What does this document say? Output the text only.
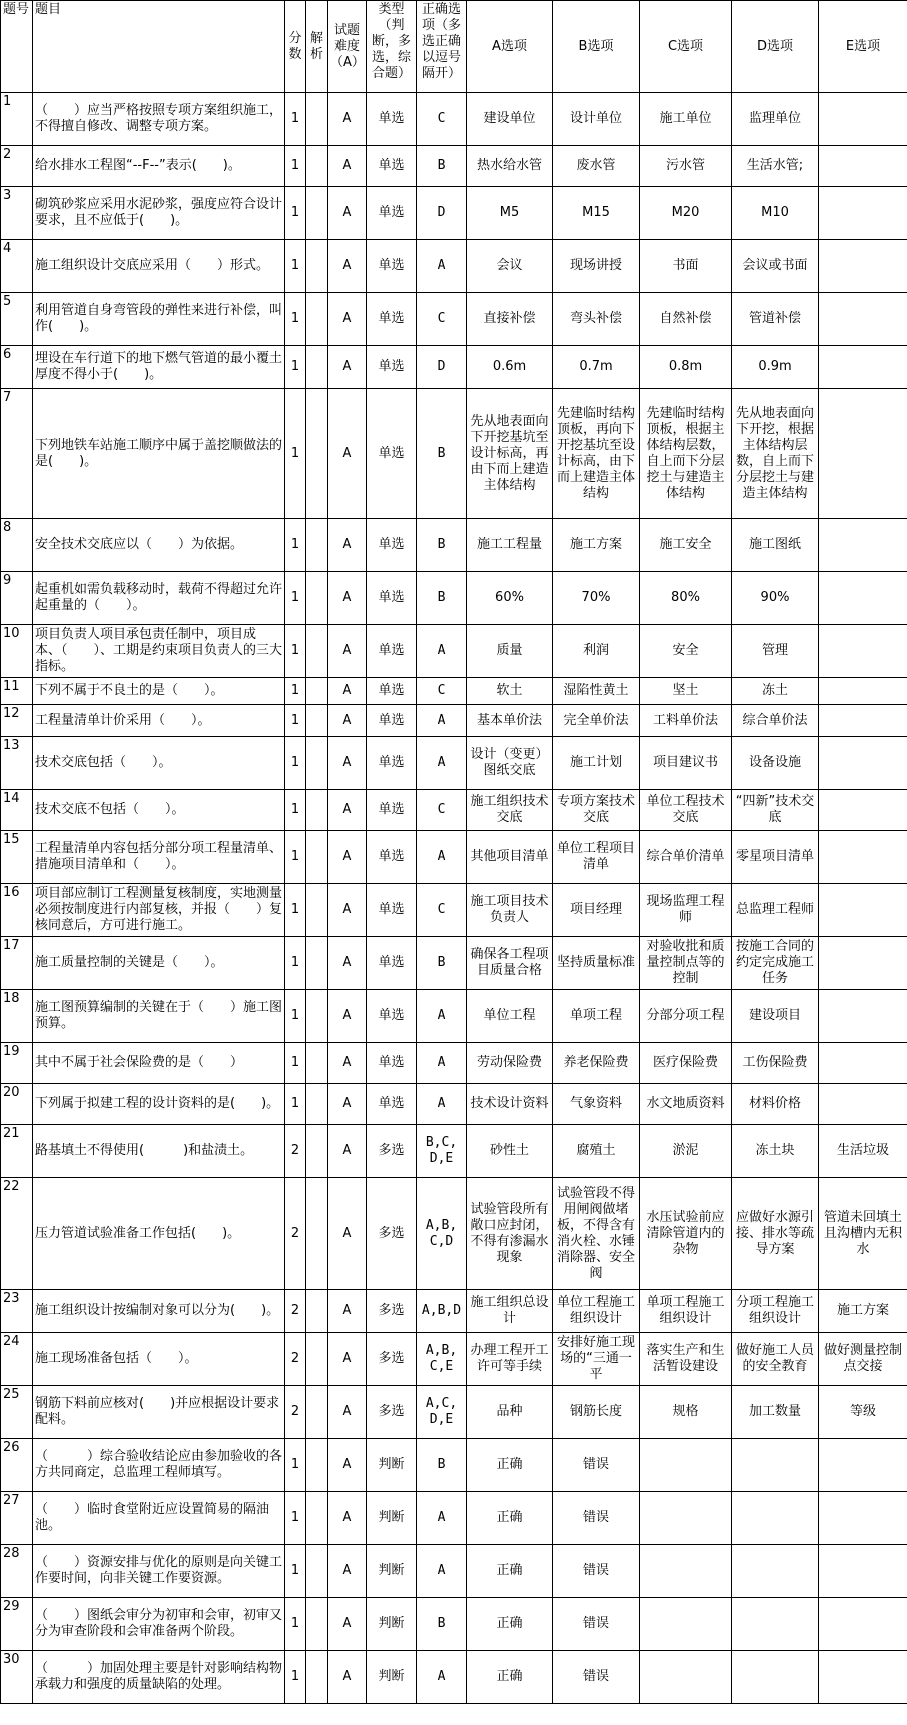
题号	题目	分数	解析	试题难度（A）	类型（判断，多选，综合题）	正确选项（多选正确以逗号隔开）	A选项	B选项	C选项	D选项	E选项
1	（　　）应当严格按照专项方案组织施工，不得擅自修改、调整专项方案。	1		A	单选	C	建设单位	设计单位	施工单位	监理单位	
2	给水排水工程图“--F--”表示(　　)。	1		A	单选	B	热水给水管	废水管	污水管	生活水管;	
3	砌筑砂浆应采用水泥砂浆，强度应符合设计要求，且不应低于(　　)。	1		A	单选	D	M5	M15	M20	M10	
4	施工组织设计交底应采用（　　）形式。	1		A	单选	A	会议	现场讲授	书面	会议或书面	
5	利用管道自身弯管段的弹性来进行补偿，叫作(　　)。	1		A	单选	C	直接补偿	弯头补偿	自然补偿	管道补偿	
6	埋设在车行道下的地下燃气管道的最小覆土厚度不得小于(　　)。	1		A	单选	D	0.6m	0.7m	0.8m	0.9m	
7	下列地铁车站施工顺序中属于盖挖顺做法的是(　　)。	1		A	单选	B	先从地表面向下开挖基坑至设计标高，再由下而上建造主体结构	先建临时结构顶板，再向下开挖基坑至设计标高，由下而上建造主体结构	先建临时结构顶板，根据主体结构层数，自上而下分层挖土与建造主体结构	先从地表面向下开挖，根据主体结构层数，自上而下分层挖土与建造主体结构	
8	安全技术交底应以（　　）为依据。	1		A	单选	B	施工工程量	施工方案	施工安全	施工图纸	
9	起重机如需负载移动时，载荷不得超过允许起重量的（　　）。	1		A	单选	B	60%	70%	80%	90%	
10	项目负责人项目承包责任制中，项目成本、（　　）、工期是约束项目负责人的三大指标。	1		A	单选	A	质量	利润	安全	管理	
11	下列不属于不良土的是（　　）。	1		A	单选	C	软土	湿陷性黄土	坚土	冻土	
12	工程量清单计价采用（　　）。	1		A	单选	A	基本单价法	完全单价法	工料单价法	综合单价法	
13	技术交底包括（　　）。	1		A	单选	A	设计（变更）图纸交底	施工计划	项目建议书	设备设施	
14	技术交底不包括（　　）。	1		A	单选	C	施工组织技术交底	专项方案技术交底	单位工程技术交底	“四新”技术交底	
15	工程量清单内容包括分部分项工程量清单、措施项目清单和（　　）。	1		A	单选	A	其他项目清单	单位工程项目清单	综合单价清单	零星项目清单	
16	项目部应制订工程测量复核制度，实地测量必须按制度进行内部复核，并报（　　）复核同意后，方可进行施工。	1		A	单选	C	施工项目技术负责人	项目经理	现场监理工程师	总监理工程师	
17	施工质量控制的关键是（　　）。	1		A	单选	B	确保各工程项目质量合格	坚持质量标准	对验收批和质量控制点等的控制	按施工合同的约定完成施工任务	
18	施工图预算编制的关键在于（　　）施工图预算。	1		A	单选	A	单位工程	单项工程	分部分项工程	建设项目	
19	其中不属于社会保险费的是（　　）	1		A	单选	A	劳动保险费	养老保险费	医疗保险费	工伤保险费	
20	下列属于拟建工程的设计资料的是(　　)。	1		A	单选	A	技术设计资料	气象资料	水文地质资料	材料价格	
21	路基填土不得使用(　　　)和盐渍土。	2		A	多选	B,C,D,E	砂性土	腐殖土	淤泥	冻土块	生活垃圾
22	压力管道试验准备工作包括(　　)。	2		A	多选	A,B,C,D	试验管段所有敞口应封闭，不得有渗漏水现象	试验管段不得用闸阀做堵板，不得含有消火栓、水锤消除器、安全阀	水压试验前应清除管道内的杂物	应做好水源引接、排水等疏导方案	管道未回填土且沟槽内无积水
23	施工组织设计按编制对象可以分为(　　)。	2		A	多选	A,B,D	施工组织总设计	单位工程施工组织设计	单项工程施工组织设计	分项工程施工组织设计	施工方案
24	施工现场准备包括（　　）。	2		A	多选	A,B,C,E	办理工程开工许可等手续	安排好施工现场的“三通一平	落实生产和生活暂设建设	做好施工人员的安全教育	做好测量控制点交接
25	钢筋下料前应核对(　　)并应根据设计要求配料。	2		A	多选	A,C,D,E	品种	钢筋长度	规格	加工数量	等级
26	（　　　）综合验收结论应由参加验收的各方共同商定，总监理工程师填写。	1		A	判断	B	正确	错误			
27	（　　）临时食堂附近应设置简易的隔油池。	1		A	判断	A	正确	错误			
28	（　　）资源安排与优化的原则是向关键工作要时间，向非关键工作要资源。	1		A	判断	A	正确	错误			
29	（　　）图纸会审分为初审和会审，初审又分为审查阶段和会审准备两个阶段。	1		A	判断	B	正确	错误			
30	（　　　）加固处理主要是针对影响结构物承载力和强度的质量缺陷的处理。	1		A	判断	A	正确	错误			
